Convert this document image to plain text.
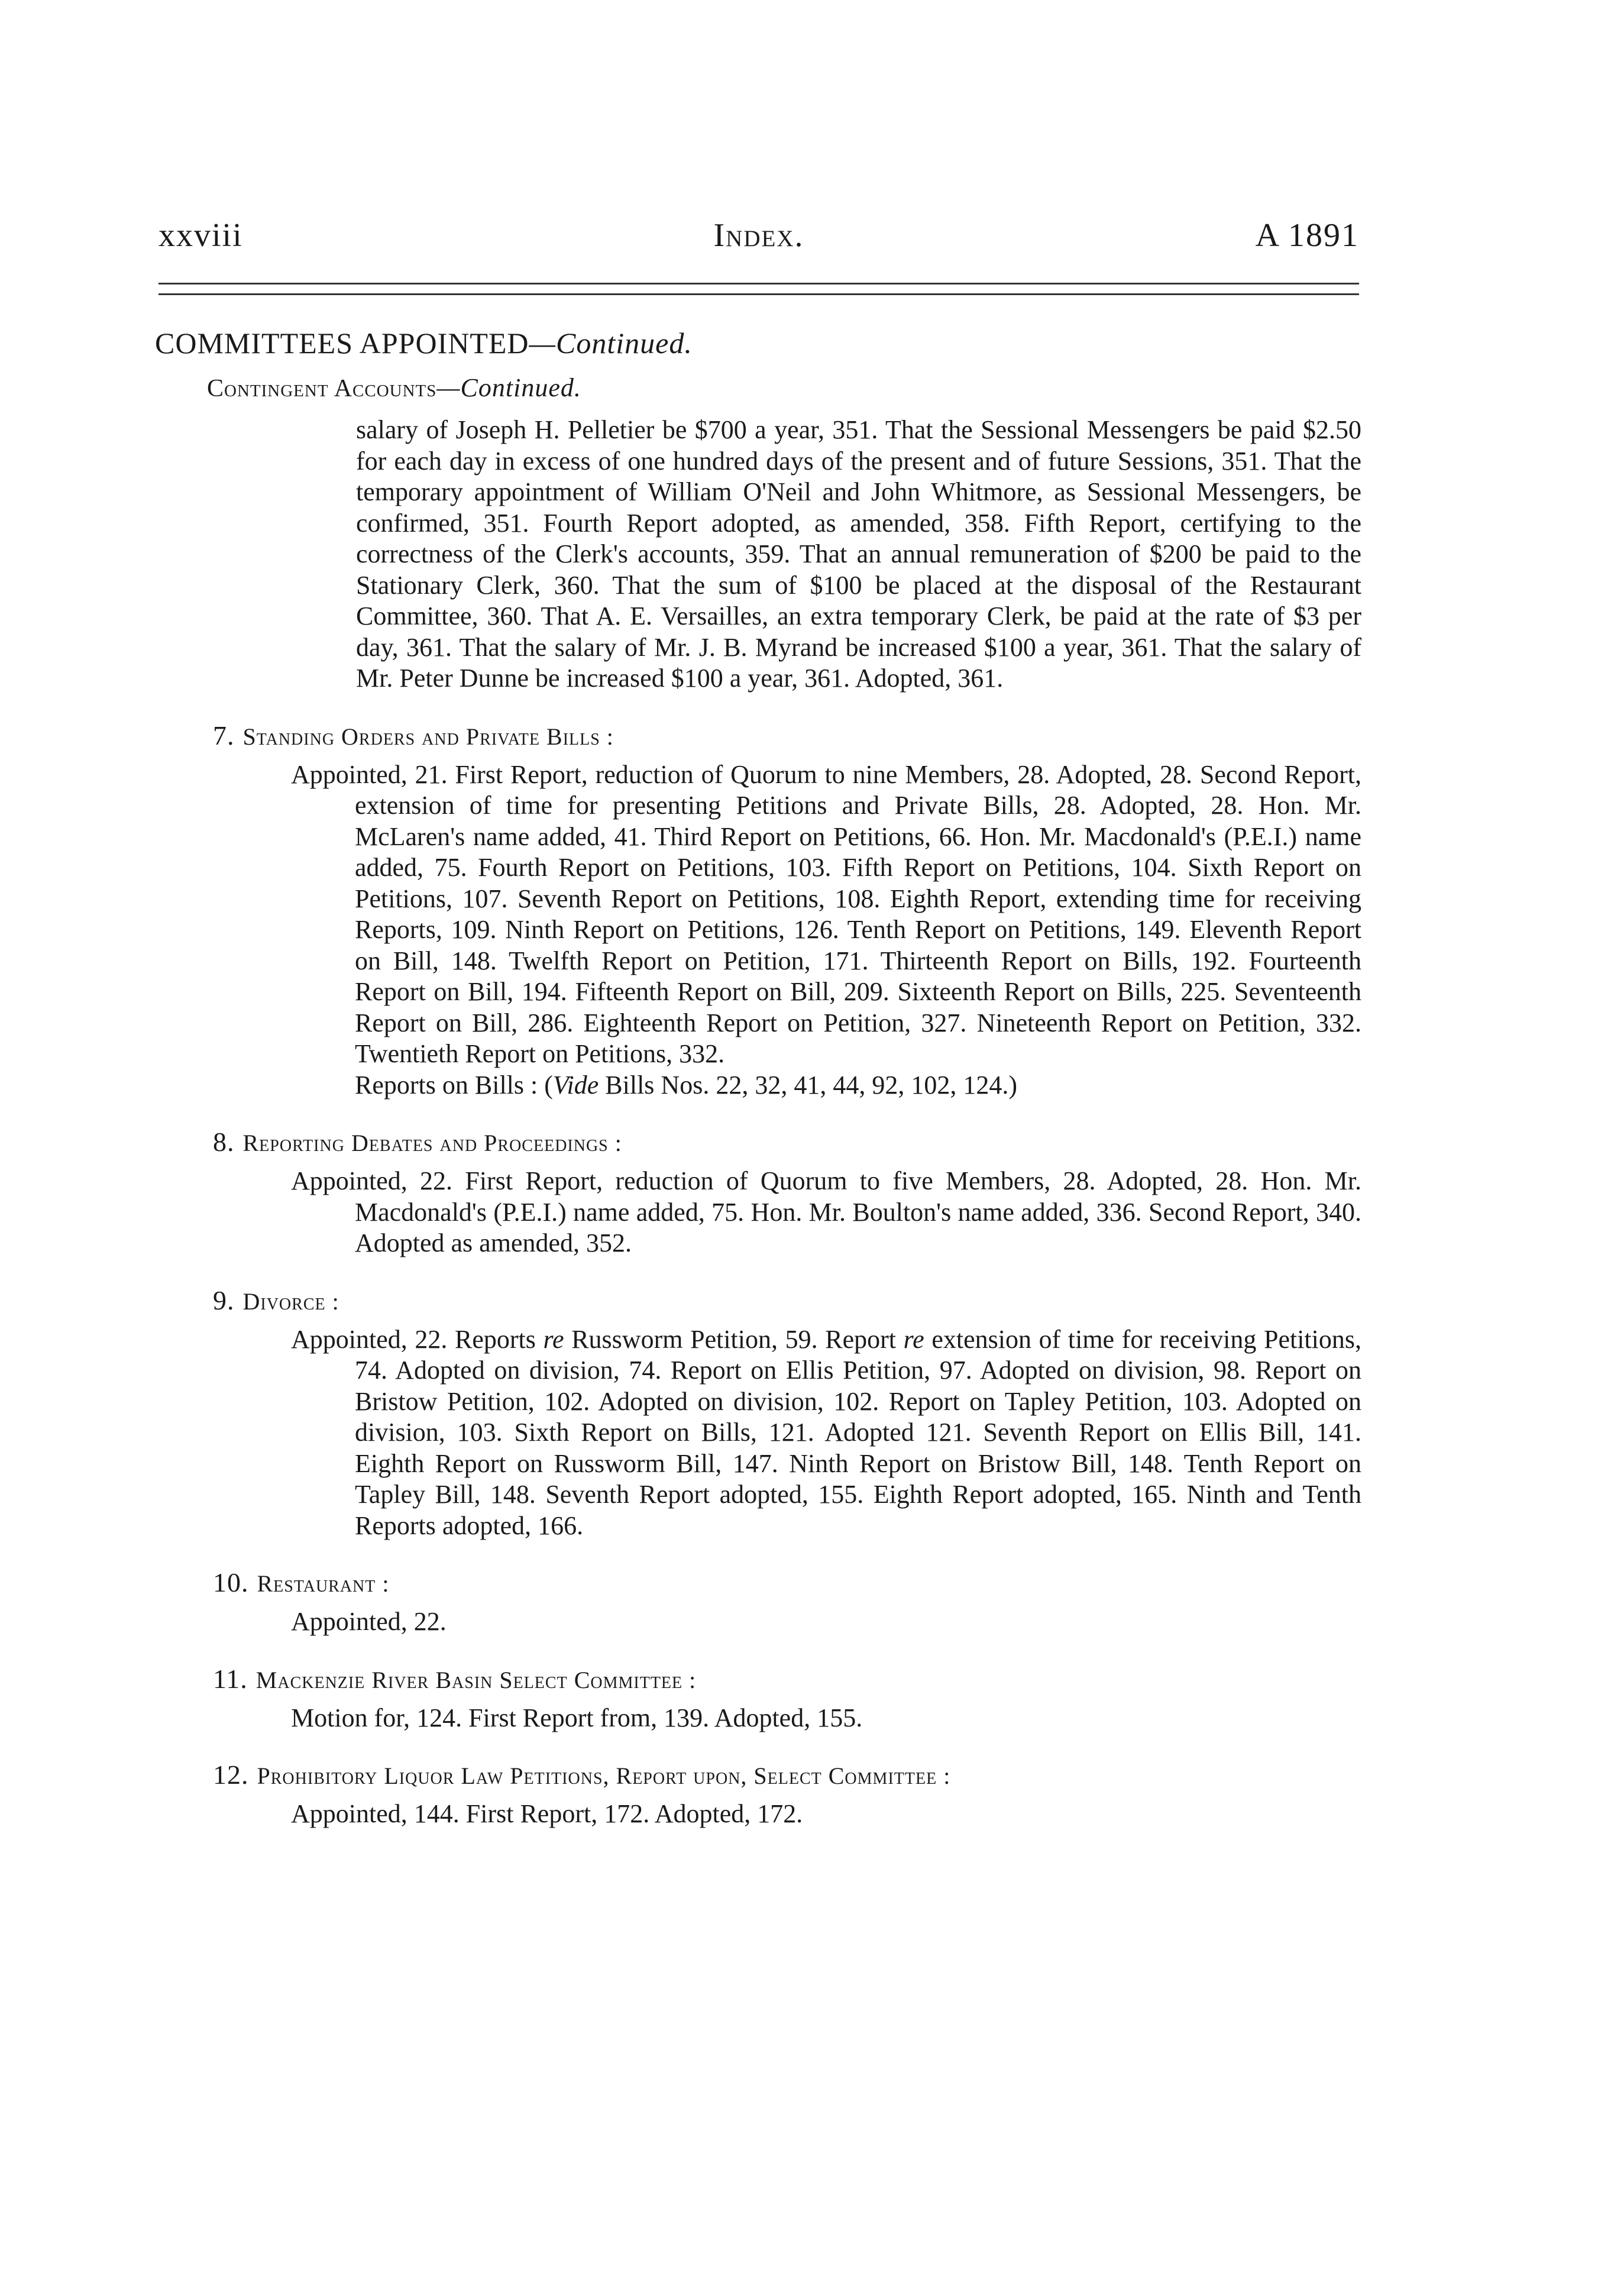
xxviii	Index.	A 1891

COMMITTEES APPOINTED—Continued.

Contingent Accounts—Continued.

salary of Joseph H. Pelletier be $700 a year, 351. That the Sessional Messengers be paid $2.50 for each day in excess of one hundred days of the present and of future Sessions, 351. That the temporary appointment of William O'Neil and John Whitmore, as Sessional Messengers, be confirmed, 351. Fourth Report adopted, as amended, 358. Fifth Report, certifying to the correctness of the Clerk's accounts, 359. That an annual remuneration of $200 be paid to the Stationary Clerk, 360. That the sum of $100 be placed at the disposal of the Restaurant Committee, 360. That A. E. Versailles, an extra temporary Clerk, be paid at the rate of $3 per day, 361. That the salary of Mr. J. B. Myrand be increased $100 a year, 361. That the salary of Mr. Peter Dunne be increased $100 a year, 361. Adopted, 361.

7. Standing Orders and Private Bills :

Appointed, 21. First Report, reduction of Quorum to nine Members, 28. Adopted, 28. Second Report, extension of time for presenting Petitions and Private Bills, 28. Adopted, 28. Hon. Mr. McLaren's name added, 41. Third Report on Petitions, 66. Hon. Mr. Macdonald's (P.E.I.) name added, 75. Fourth Report on Petitions, 103. Fifth Report on Petitions, 104. Sixth Report on Petitions, 107. Seventh Report on Petitions, 108. Eighth Report, extending time for receiving Reports, 109. Ninth Report on Petitions, 126. Tenth Report on Petitions, 149. Eleventh Report on Bill, 148. Twelfth Report on Petition, 171. Thirteenth Report on Bills, 192. Fourteenth Report on Bill, 194. Fifteenth Report on Bill, 209. Sixteenth Report on Bills, 225. Seventeenth Report on Bill, 286. Eighteenth Report on Petition, 327. Nineteenth Report on Petition, 332. Twentieth Report on Petitions, 332.
Reports on Bills : (Vide Bills Nos. 22, 32, 41, 44, 92, 102, 124.)

8. Reporting Debates and Proceedings :

Appointed, 22. First Report, reduction of Quorum to five Members, 28. Adopted, 28. Hon. Mr. Macdonald's (P.E.I.) name added, 75. Hon. Mr. Boulton's name added, 336. Second Report, 340. Adopted as amended, 352.

9. Divorce :

Appointed, 22. Reports re Russworm Petition, 59. Report re extension of time for receiving Petitions, 74. Adopted on division, 74. Report on Ellis Petition, 97. Adopted on division, 98. Report on Bristow Petition, 102. Adopted on division, 102. Report on Tapley Petition, 103. Adopted on division, 103. Sixth Report on Bills, 121. Adopted 121. Seventh Report on Ellis Bill, 141. Eighth Report on Russworm Bill, 147. Ninth Report on Bristow Bill, 148. Tenth Report on Tapley Bill, 148. Seventh Report adopted, 155. Eighth Report adopted, 165. Ninth and Tenth Reports adopted, 166.

10. Restaurant :

Appointed, 22.

11. Mackenzie River Basin Select Committee :

Motion for, 124. First Report from, 139. Adopted, 155.

12. Prohibitory Liquor Law Petitions, Report upon, Select Committee :

Appointed, 144. First Report, 172. Adopted, 172.
